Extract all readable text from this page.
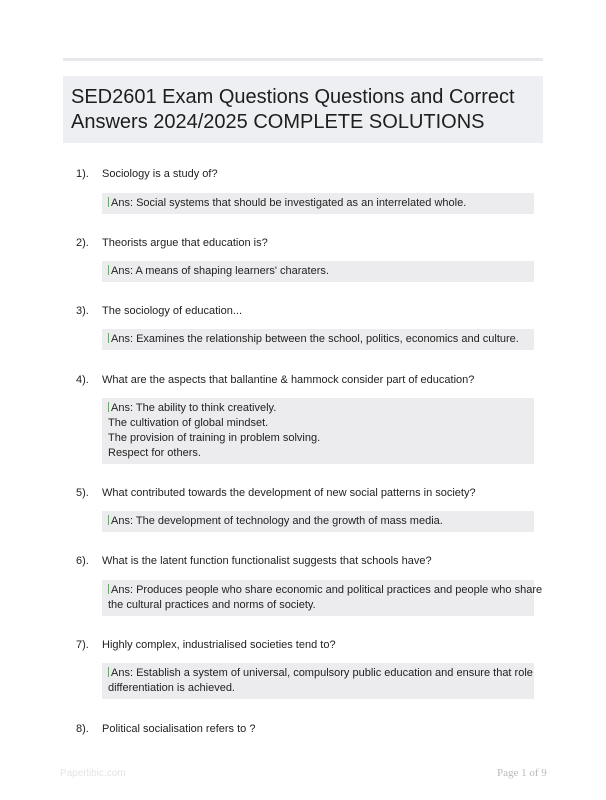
SED2601 Exam Questions Questions and Correct Answers 2024/2025 COMPLETE SOLUTIONS
1). Sociology is a study of?
Ans: Social systems that should be investigated as an interrelated whole.
2). Theorists argue that education is?
Ans: A means of shaping learners' charaters.
3). The sociology of education...
Ans: Examines the relationship between the school, politics, economics and culture.
4). What are the aspects that ballantine & hammock consider part of education?
Ans: The ability to think creatively.
The cultivation of global mindset.
The provision of training in problem solving.
Respect for others.
5). What contributed towards the development of new social patterns in society?
Ans: The development of technology and the growth of mass media.
6). What is the latent function functionalist suggests that schools have?
Ans: Produces people who share economic and political practices and people who share
the cultural practices and norms of society.
7). Highly complex, industrialised societies tend to?
Ans: Establish a system of universal, compulsory public education and ensure that role
differentiation is achieved.
8). Political socialisation refers to ?
Paperlibic.com	Page 1 of 9
